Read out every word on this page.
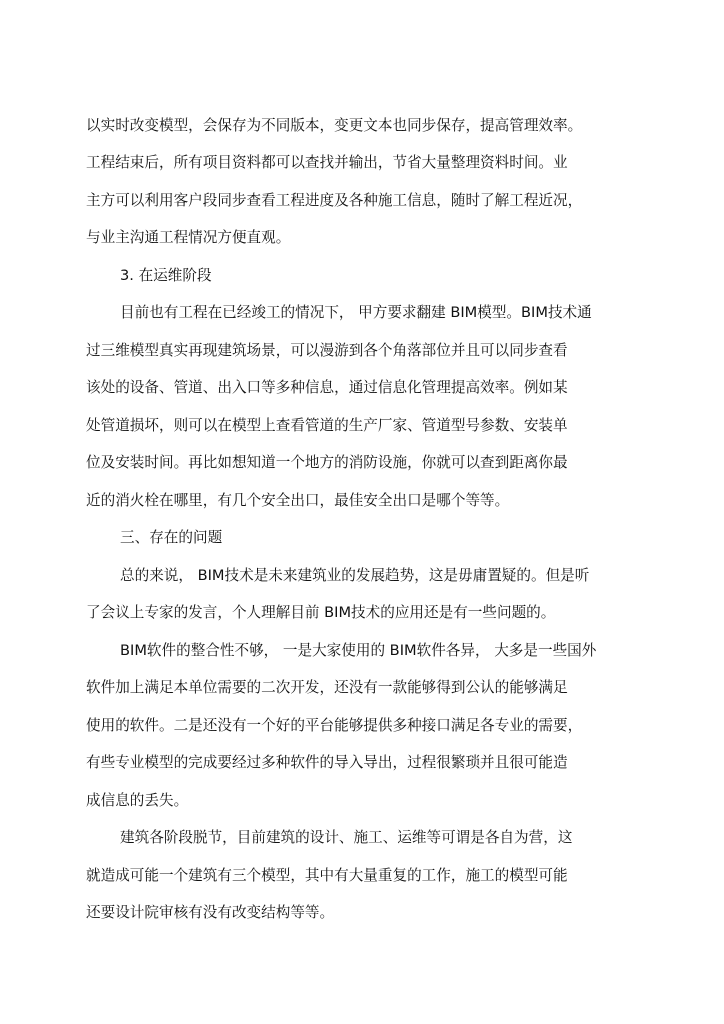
以实时改变模型，会保存为不同版本，变更文本也同步保存，提高管理效率。

工程结束后，所有项目资料都可以查找并输出，节省大量整理资料时间。业

主方可以利用客户段同步查看工程进度及各种施工信息，随时了解工程近况，

与业主沟通工程情况方便直观。

3. 在运维阶段

目前也有工程在已经竣工的情况下， 甲方要求翻建 BIM模型。BIM技术通

过三维模型真实再现建筑场景，可以漫游到各个角落部位并且可以同步查看

该处的设备、管道、出入口等多种信息，通过信息化管理提高效率。例如某

处管道损坏，则可以在模型上查看管道的生产厂家、管道型号参数、安装单

位及安装时间。再比如想知道一个地方的消防设施，你就可以查到距离你最

近的消火栓在哪里，有几个安全出口，最佳安全出口是哪个等等。

三、存在的问题

总的来说， BIM技术是未来建筑业的发展趋势，这是毋庸置疑的。但是听

了会议上专家的发言，个人理解目前 BIM技术的应用还是有一些问题的。

BIM软件的整合性不够， 一是大家使用的 BIM软件各异， 大多是一些国外

软件加上满足本单位需要的二次开发，还没有一款能够得到公认的能够满足

使用的软件。二是还没有一个好的平台能够提供多种接口满足各专业的需要，

有些专业模型的完成要经过多种软件的导入导出，过程很繁琐并且很可能造

成信息的丢失。

建筑各阶段脱节，目前建筑的设计、施工、运维等可谓是各自为营，这

就造成可能一个建筑有三个模型，其中有大量重复的工作，施工的模型可能

还要设计院审核有没有改变结构等等。
